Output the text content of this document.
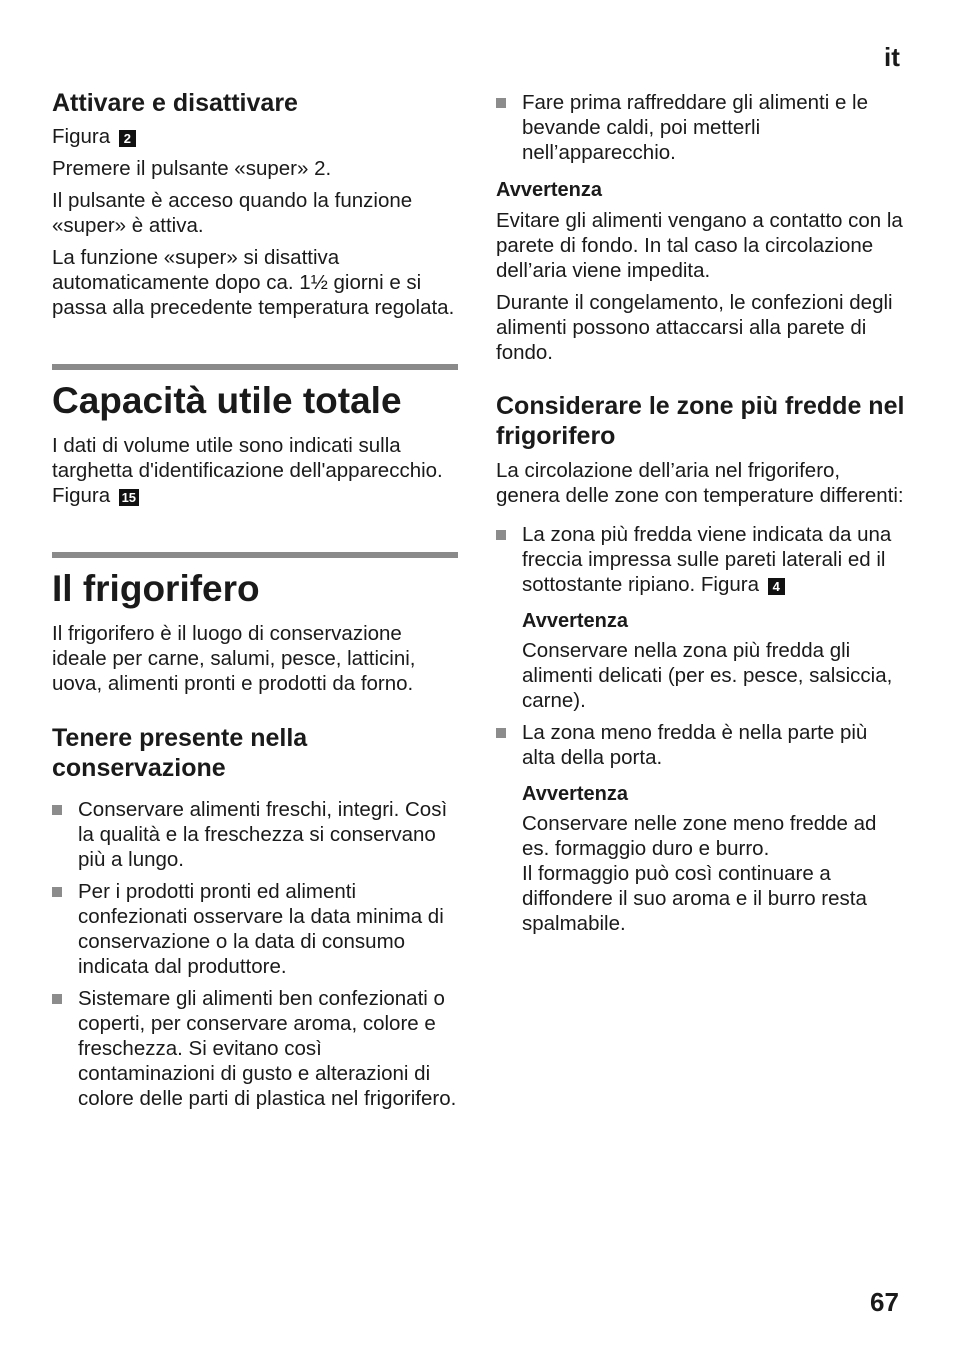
it
Attivare e disattivare

Figura 2

Premere il pulsante «super» 2.

Il pulsante è acceso quando la funzione «super» è attiva.

La funzione «super» si disattiva automaticamente dopo ca. 1½ giorni e si passa alla precedente temperatura regolata.

Capacità utile totale

I dati di volume utile sono indicati sulla targhetta d'identificazione dell'apparecchio. Figura 15

Il frigorifero

Il frigorifero è il luogo di conservazione ideale per carne, salumi, pesce, latticini, uova, alimenti pronti e prodotti da forno.

Tenere presente nella conservazione
Conservare alimenti freschi, integri. Così la qualità e la freschezza si conservano più a lungo.
Per i prodotti pronti ed alimenti confezionati osservare la data minima di conservazione o la data di consumo indicata dal produttore.
Sistemare gli alimenti ben confezionati o coperti, per conservare aroma, colore e freschezza. Si evitano così contaminazioni di gusto e alterazioni di colore delle parti di plastica nel frigorifero.
Fare prima raffreddare gli alimenti e le bevande caldi, poi metterli nell’apparecchio.
Avvertenza

Evitare gli alimenti vengano a contatto con la parete di fondo. In tal caso la circolazione dell’aria viene impedita.

Durante il congelamento, le confezioni degli alimenti possono attaccarsi alla parete di fondo.

Considerare le zone più fredde nel frigorifero

La circolazione dell’aria nel frigorifero, genera delle zone con temperature differenti:

La zona più fredda viene indicata da una freccia impressa sulle pareti laterali ed il sottostante ripiano. Figura 4
Avvertenza

Conservare nella zona più fredda gli alimenti delicati (per es. pesce, salsiccia, carne).

La zona meno fredda è nella parte più alta della porta.
Avvertenza

Conservare nelle zone meno fredde ad es. formaggio duro e burro.

Il formaggio può così continuare a diffondere il suo aroma e il burro resta spalmabile.

67
